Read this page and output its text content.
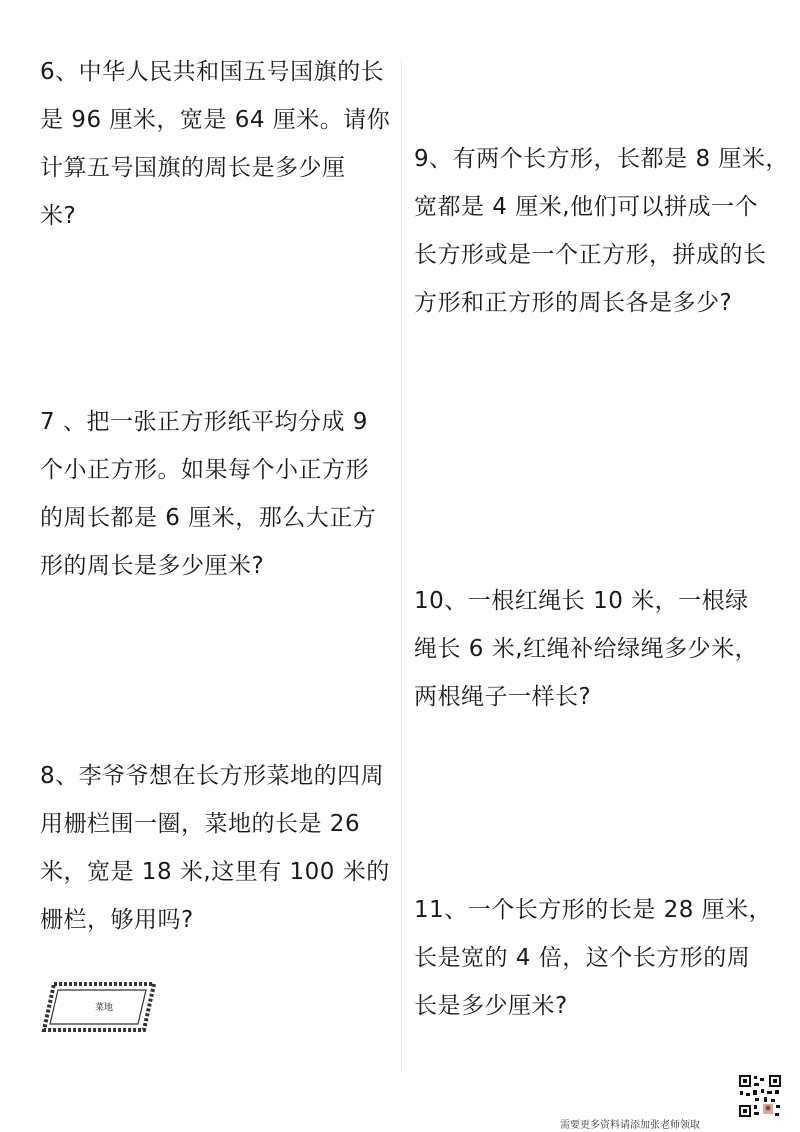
6、中华人民共和国五号国旗的长
是 96 厘米，宽是 64 厘米。请你
计算五号国旗的周长是多少厘
米?
7 、把一张正方形纸平均分成 9
个小正方形。如果每个小正方形
的周长都是 6 厘米，那么大正方
形的周长是多少厘米?
8、李爷爷想在长方形菜地的四周
用栅栏围一圈，菜地的长是 26
米，宽是 18 米,这里有 100 米的
栅栏，够用吗?
9、有两个长方形，长都是 8 厘米，
宽都是 4 厘米,他们可以拼成一个
长方形或是一个正方形，拼成的长
方形和正方形的周长各是多少?
10、一根红绳长 10 米，一根绿
绳长 6 米,红绳补给绿绳多少米，
两根绳子一样长?
11、一个长方形的长是 28 厘米，
长是宽的 4 倍，这个长方形的周
长是多少厘米?
菜地
需要更多资料请添加张老师领取
